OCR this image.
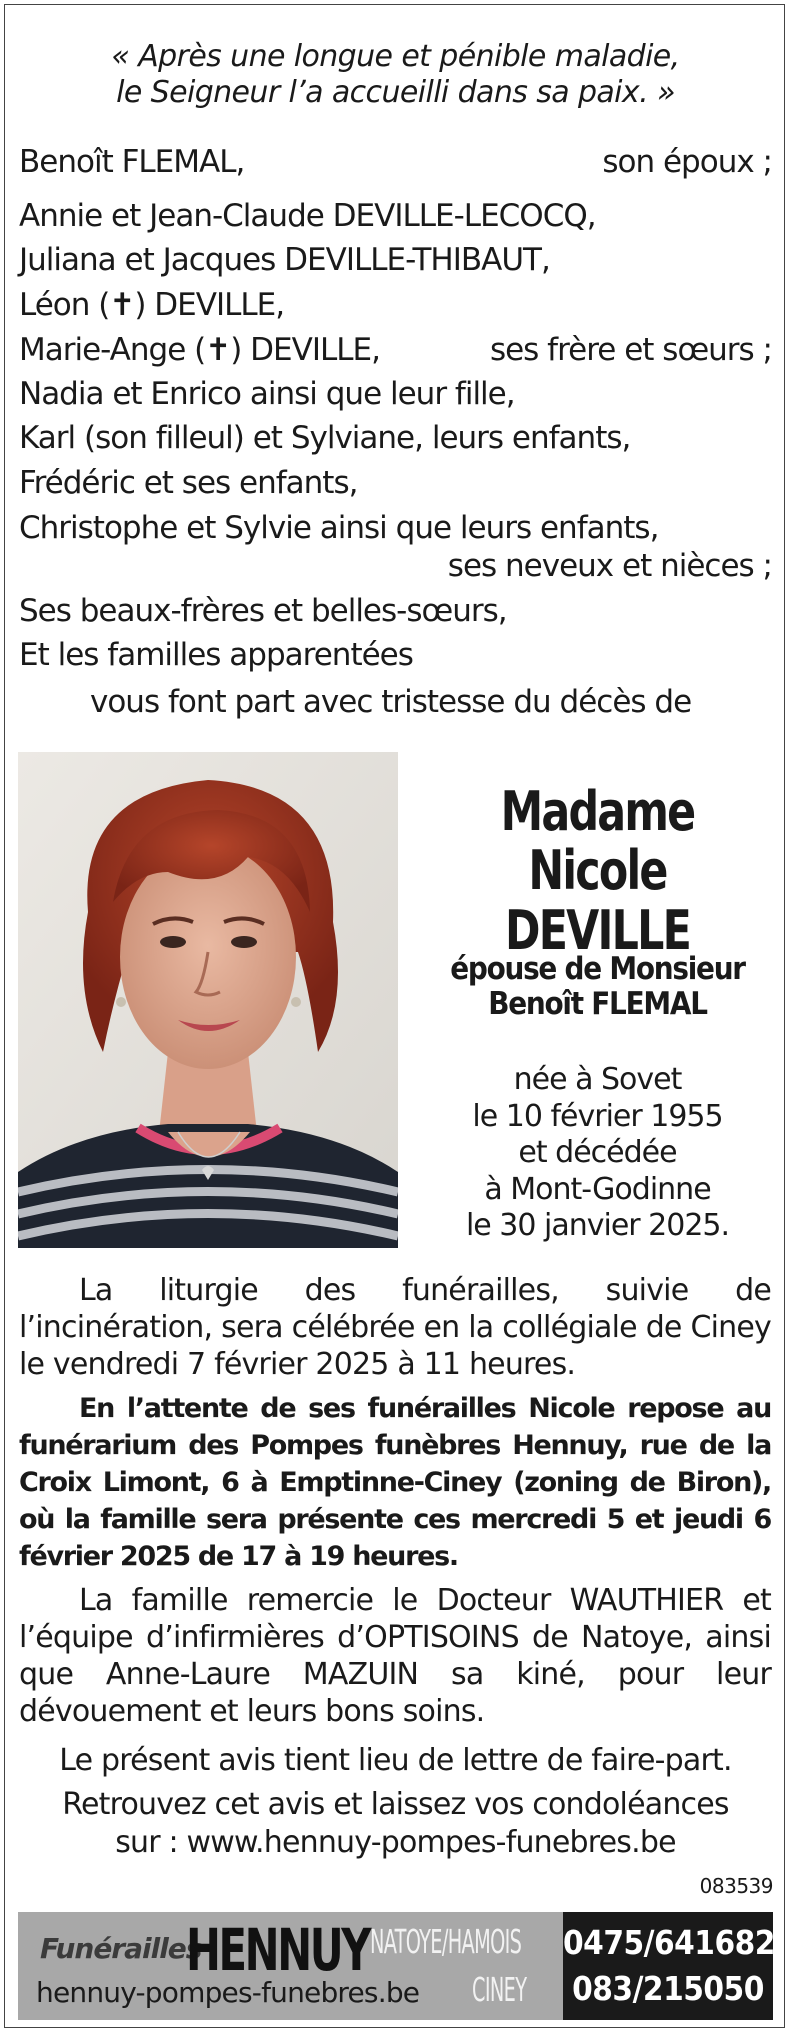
« Après une longue et pénible maladie,
le Seigneur l’a accueilli dans sa paix. »
Benoît FLEMAL,	son époux ;
Annie et Jean-Claude DEVILLE-LECOCQ,
Juliana et Jacques DEVILLE-THIBAUT,
Léon (✝) DEVILLE,
Marie-Ange (✝) DEVILLE,	ses frère et sœurs ;
Nadia et Enrico ainsi que leur fille,
Karl (son filleul) et Sylviane, leurs enfants,
Frédéric et ses enfants,
Christophe et Sylvie ainsi que leurs enfants,
ses neveux et nièces ;
Ses beaux-frères et belles-sœurs,
Et les familles apparentées
vous font part avec tristesse du décès de
Madame
Nicole DEVILLE
épouse de Monsieur
Benoît FLEMAL
née à Sovet
le 10 février 1955
et décédée
à Mont-Godinne
le 30 janvier 2025.
La liturgie des funérailles, suivie de l’incinération, sera célébrée en la collégiale de Ciney le vendredi 7 février 2025 à 11 heures.
En l’attente de ses funérailles Nicole repose au funérarium des Pompes funèbres Hennuy, rue de la Croix Limont, 6 à Emptinne-Ciney (zoning de Biron), où la famille sera présente ces mercredi 5 et jeudi 6 février 2025 de 17 à 19 heures.
La famille remercie le Docteur WAUTHIER et l’équipe d’infirmières d’OPTISOINS de Natoye, ainsi que Anne-Laure MAZUIN sa kiné, pour leur dévouement et leurs bons soins.
Le présent avis tient lieu de lettre de faire-part.
Retrouvez cet avis et laissez vos condoléances
sur : www.hennuy-pompes-funebres.be
083539
Funérailles
HENNUY NATOYE/HAMOIS
CINEY
hennuy-pompes-funebres.be
0475/641682
083/215050
